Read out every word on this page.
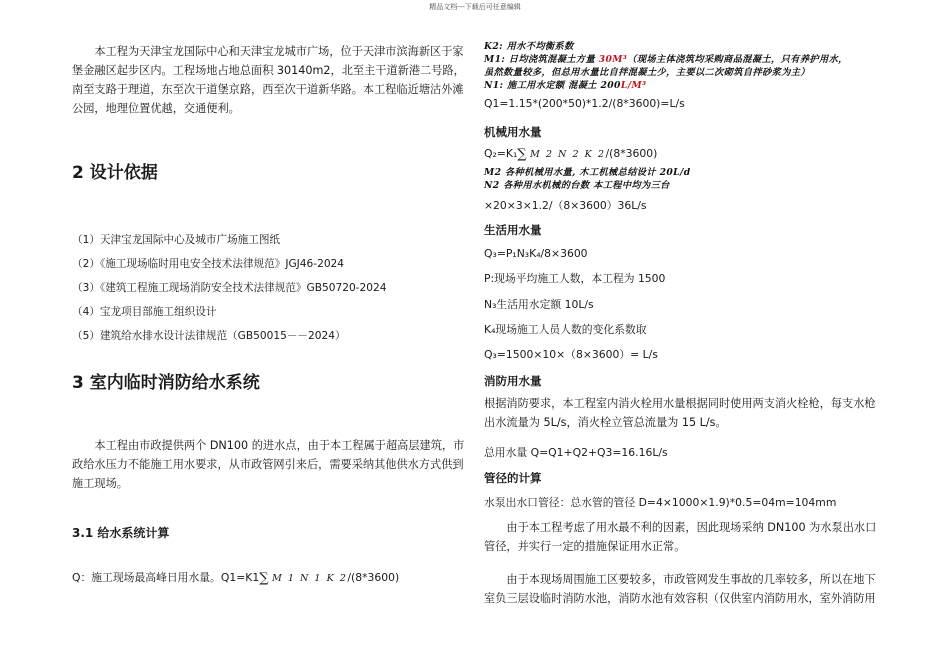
精品文档---下载后可任意编辑

本工程为天津宝龙国际中心和天津宝龙城市广场，位于天津市滨海新区于家堡金融区起步区内。工程场地占地总面积 30140m2，北至主干道新港二号路，南至支路于理道，东至次干道堡京路，西至次干道新华路。本工程临近塘沽外滩公园，地理位置优越，交通便利。

2 设计依据
（1）天津宝龙国际中心及城市广场施工图纸
（2）《施工现场临时用电安全技术法律规范》JGJ46-2024
（3）《建筑工程施工现场消防安全技术法律规范》GB50720-2024
（4）宝龙项目部施工组织设计
（5）建筑给水排水设计法律规范（GB50015－－2024）
3 室内临时消防给水系统

本工程由市政提供两个 DN100 的进水点，由于本工程属于超高层建筑，市政给水压力不能施工用水要求，从市政管网引来后，需要采纳其他供水方式供到施工现场。

3.1 给水系统计算

Q：施工现场最高峰日用水量。Q1=K1∑ M 1 N 1 K 2/(8*3600)

K2: 用水不均衡系数

M1: 日均浇筑混凝土方量 30M³（现场主体浇筑均采购商品混凝土，只有养护用水，

虽然数量较多，但总用水量比自拌混凝土少，主要以二次砌筑自拌砂浆为主）

N1: 施工用水定额 混凝土 200L/M³

Q1=1.15*(200*50)*1.2/(8*3600)=L/s

机械用水量

Q₂=K₁∑ M 2 N 2 K 2/(8*3600)

M2 各种机械用水量, 木工机械总结设计 20L/d

N2 各种用水机械的台数 本工程中均为三台

×20×3×1.2/（8×3600）36L/s

生活用水量

Q₃=P₁N₃K₄/8×3600

P:现场平均施工人数，本工程为 1500

N₃生活用水定额 10L/s

K₄现场施工人员人数的变化系数取

Q₃=1500×10×（8×3600）= L/s

消防用水量

根据消防要求，本工程室内消火栓用水量根据同时使用两支消火栓枪，每支水枪出水流量为 5L/s，消火栓立管总流量为 15 L/s。

总用水量 Q=Q1+Q2+Q3=16.16L/s

管径的计算

水泵出水口管径：总水管的管径 D=4×1000×1.9)*0.5=04m=104mm

由于本工程考虑了用水最不利的因素，因此现场采纳 DN100 为水泵出水口管径，并实行一定的措施保证用水正常。

由于本现场周围施工区要较多，市政管网发生事故的几率较多，所以在地下室负三层设临时消防水池，消防水池有效容积（仅供室内消防用水，室外消防用
